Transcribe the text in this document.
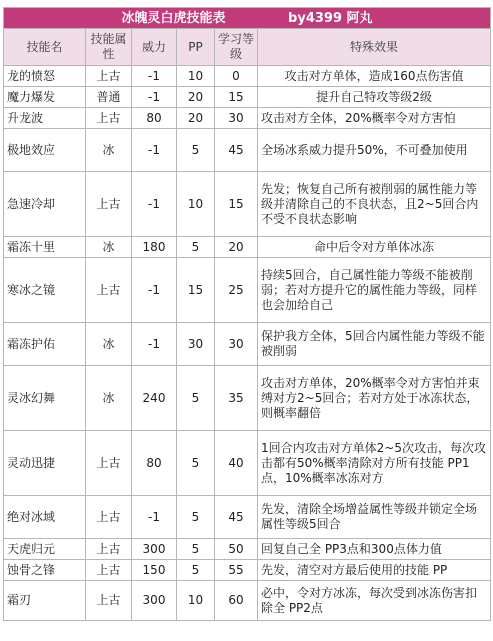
冰魄灵白虎技能表 by4399 阿丸					
技能名	技能属性	威力	PP	学习等级	特殊效果
龙的愤怒	上古	-1	10	0	攻击对方单体，造成160点伤害值
魔力爆发	普通	-1	20	15	提升自己特攻等级2级
升龙波	上古	80	20	30	攻击对方全体，20%概率令对方害怕
极地效应	冰	-1	5	45	全场冰系威力提升50%，不可叠加使用
急速冷却	上古	-1	10	15	先发；恢复自己所有被削弱的属性能力等级并清除自己的不良状态，且2~5回合内不受不良状态影响
霜冻十里	冰	180	5	20	命中后令对方单体冰冻
寒冰之镜	上古	-1	15	25	持续5回合，自己属性能力等级不能被削弱；若对方提升它的属性能力等级，同样也会加给自己
霜冻护佑	冰	-1	30	30	保护我方全体，5回合内属性能力等级不能被削弱
灵冰幻舞	冰	240	5	35	攻击对方单体，20%概率令对方害怕并束缚对方2~5回合；若对方处于冰冻状态，则概率翻倍
灵动迅捷	上古	80	5	40	1回合内攻击对方单体2~5次攻击，每次攻击都有50%概率清除对方所有技能 PP1点，10%概率冰冻对方
绝对冰域	上古	-1	5	45	先发，清除全场增益属性等级并锁定全场属性等级5回合
天虎归元	上古	300	5	50	回复自己全 PP3点和300点体力值
蚀骨之锋	上古	150	5	55	先发，清空对方最后使用的技能 PP
霜刃	上古	300	10	60	必中，令对方冰冻，每次受到冰冻伤害扣除全 PP2点
